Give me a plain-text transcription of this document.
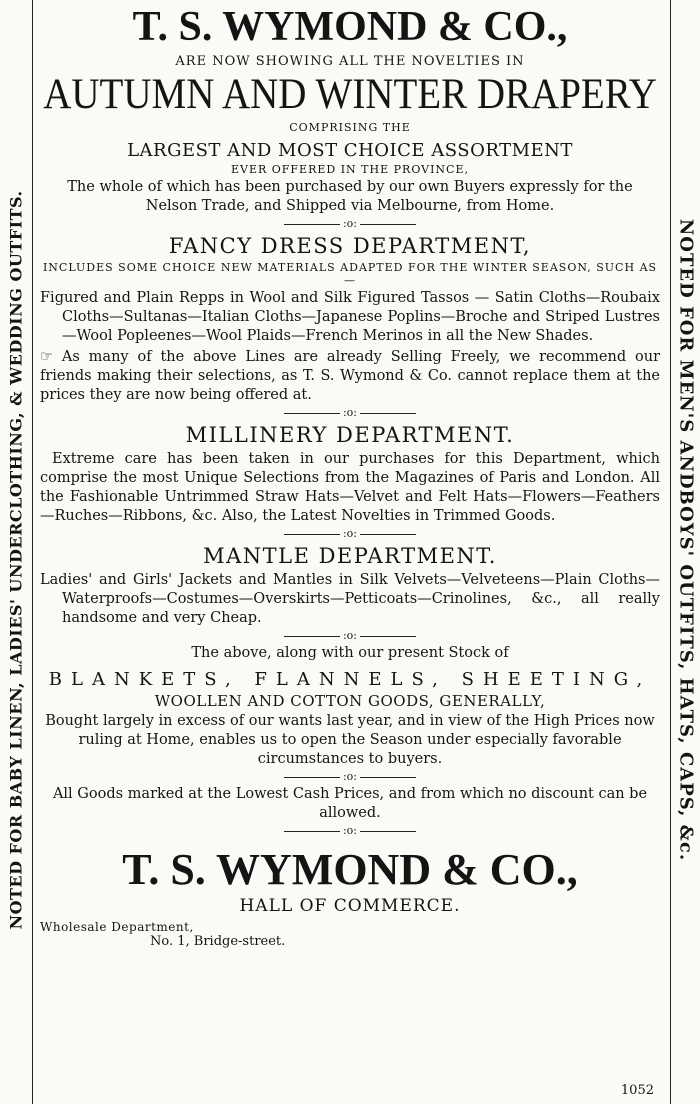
NOTED FOR BABY LINEN, LADIES' UNDERCLOTHING, & WEDDING OUTFITS.	NOTED FOR MEN'S ANDBOYS' OUTFITS, HATS, CAPS, &c.
T. S. WYMOND & CO.,
ARE NOW SHOWING ALL THE NOVELTIES IN
AUTUMN AND WINTER DRAPERY
COMPRISING THE
LARGEST AND MOST CHOICE ASSORTMENT
EVER OFFERED IN THE PROVINCE,

The whole of which has been purchased by our own Buyers expressly for the Nelson Trade, and Shipped via Melbourne, from Home.

:o:
FANCY DRESS DEPARTMENT,
INCLUDES SOME CHOICE NEW MATERIALS ADAPTED FOR THE WINTER SEASON, SUCH AS—

Figured and Plain Repps in Wool and Silk Figured Tassos — Satin Cloths—Roubaix Cloths—Sultanas—Italian Cloths—Japanese Poplins—Broche and Striped Lustres—Wool Popleenes—Wool Plaids—French Merinos in all the New Shades.

☞ As many of the above Lines are already Selling Freely, we recommend our friends making their selections, as T. S. Wymond & Co. cannot replace them at the prices they are now being offered at.

:o:
MILLINERY DEPARTMENT.

Extreme care has been taken in our purchases for this Department, which comprise the most Unique Selections from the Magazines of Paris and London. All the Fashionable Untrimmed Straw Hats—Velvet and Felt Hats—Flowers—Feathers—Ruches—Ribbons, &c. Also, the Latest Novelties in Trimmed Goods.

:o:
MANTLE DEPARTMENT.

Ladies' and Girls' Jackets and Mantles in Silk Velvets—Velveteens—Plain Cloths—Waterproofs—Costumes—Overskirts—Petticoats—Crinolines, &c., all really handsome and very Cheap.

:o:

The above, along with our present Stock of

BLANKETS, FLANNELS, SHEETING,
WOOLLEN AND COTTON GOODS, GENERALLY,

Bought largely in excess of our wants last year, and in view of the High Prices now ruling at Home, enables us to open the Season under especially favorable circumstances to buyers.

:o:

All Goods marked at the Lowest Cash Prices, and from which no discount can be allowed.

:o:
T. S. WYMOND & CO.,
HALL OF COMMERCE.
Wholesale Department,
No. 1, Bridge-street.
1052
